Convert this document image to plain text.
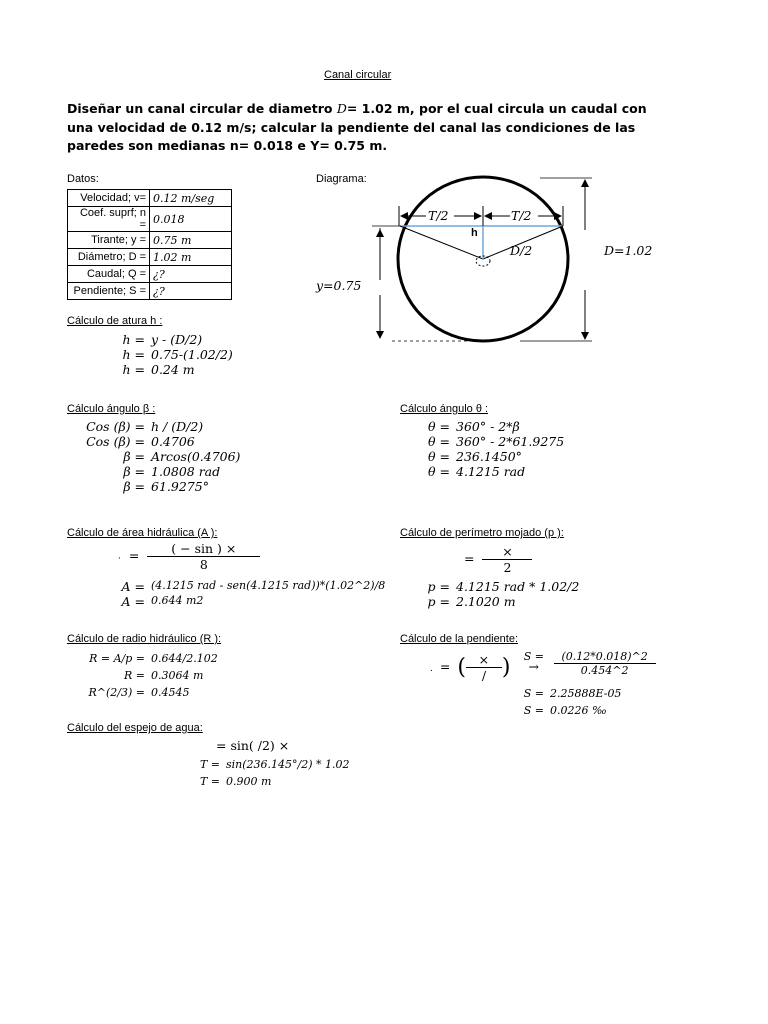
Canal circular
Diseñar un canal circular de diametro D= 1.02 m, por el cual circula un caudal con una velocidad de 0.12 m/s; calcular la pendiente del canal las condiciones de las paredes son medianas n= 0.018 e Y= 0.75 m.
Datos:
Velocidad; v=	0.12 m/seg
Coef. suprf; n =	0.018
Tirante; y =	0.75 m
Diámetro; D =	1.02 m
Caudal; Q =	¿?
Pendiente; S =	¿?
Diagrama:
T/2	T/2
h
D/2	D=1.02
y=0.75
Cálculo de atura h :
h = y - (D/2)
h = 0.75-(1.02/2)
h = 0.24 m
Cálculo ángulo β :
Cos (β) = h / (D/2)
Cos (β) = 0.4706
β = Arcos(0.4706)
β = 1.0808 rad
β = 61.9275°
Cálculo ángulo θ :
θ = 360° - 2*β
θ = 360° - 2*61.9275
θ = 236.1450°
θ = 4.1215 rad
Cálculo de área hidráulica (A ):
. = $\frac{( - \sin ) \times}{8}$
A = (4.1215 rad - sen(4.1215 rad))*(1.02^2)/8
A = 0.644 m2
Cálculo de perímetro mojado (p ):
= $\frac{\times}{2}$
p = 4.1215 rad * 1.02/2
p = 2.1020 m
Cálculo de radio hidráulico (R ):
R = A/p = 0.644/2.102
R = 0.3064 m
R^(2/3) = 0.4545
Cálculo de la pendiente:
. = ( $\frac{\times}{/}$ ) →
$S = \frac{(0.12*0.018)\^{}2}{0.454\^{}2}$
S = 2.25888E-05
S = 0.0226 ‰
Cálculo del espejo de agua:
= sin( /2) ×
T = sin(236.145°/2) * 1.02
T = 0.900 m
